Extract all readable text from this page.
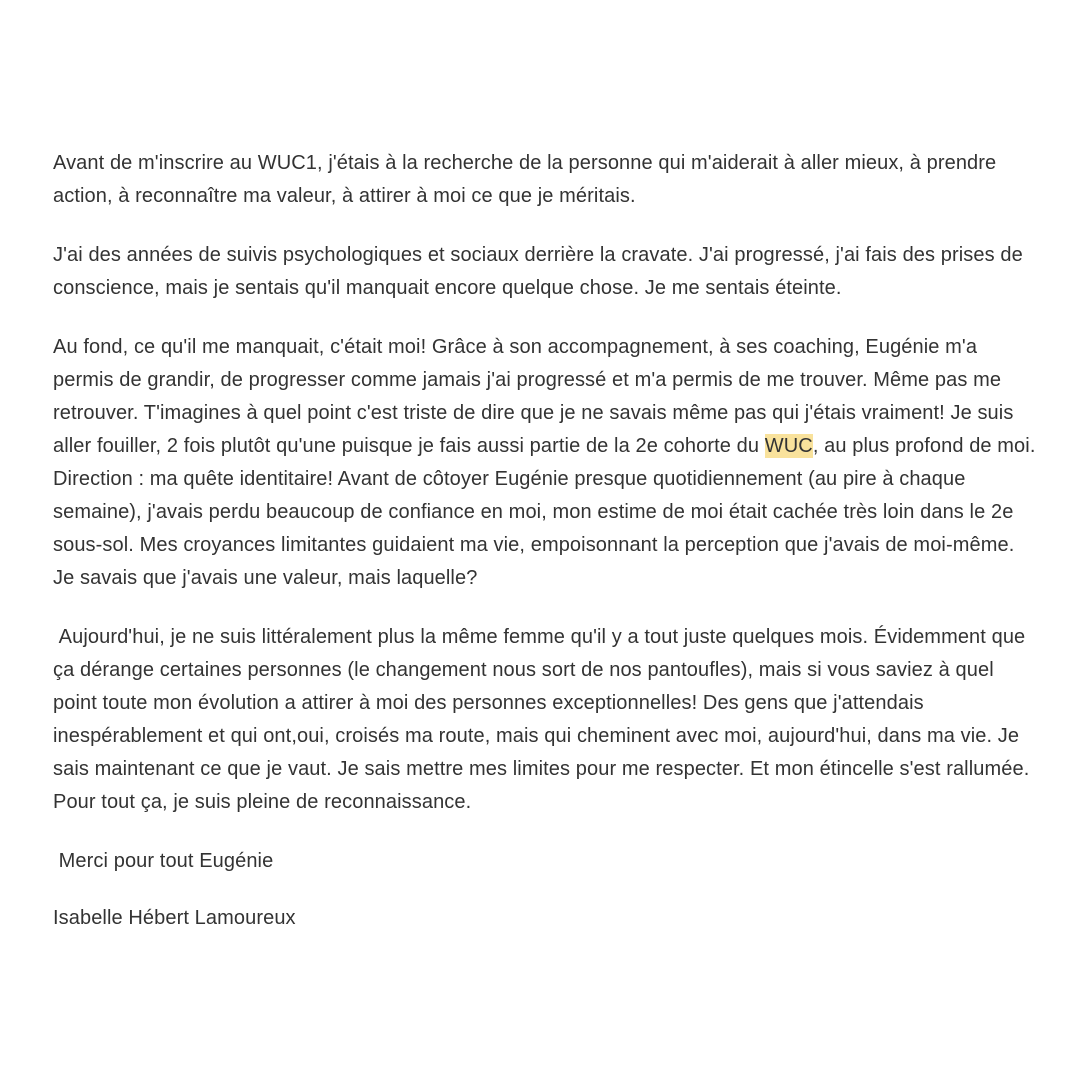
Avant de m'inscrire au WUC1, j'étais à la recherche de la personne qui m'aiderait à aller mieux, à prendre action, à reconnaître ma valeur, à attirer à moi ce que je méritais.

J'ai des années de suivis psychologiques et sociaux derrière la cravate. J'ai progressé, j'ai fais des prises de conscience, mais je sentais qu'il manquait encore quelque chose. Je me sentais éteinte.

Au fond, ce qu'il me manquait, c'était moi! Grâce à son accompagnement, à ses coaching, Eugénie m'a permis de grandir, de progresser comme jamais j'ai progressé et m'a permis de me trouver. Même pas me retrouver. T'imagines à quel point c'est triste de dire que je ne savais même pas qui j'étais vraiment! Je suis aller fouiller, 2 fois plutôt qu'une puisque je fais aussi partie de la 2e cohorte du WUC, au plus profond de moi. Direction : ma quête identitaire! Avant de côtoyer Eugénie presque quotidiennement (au pire à chaque semaine), j'avais perdu beaucoup de confiance en moi, mon estime de moi était cachée très loin dans le 2e sous-sol. Mes croyances limitantes guidaient ma vie, empoisonnant la perception que j'avais de moi-même. Je savais que j'avais une valeur, mais laquelle?

Aujourd'hui, je ne suis littéralement plus la même femme qu'il y a tout juste quelques mois. Évidemment que ça dérange certaines personnes (le changement nous sort de nos pantoufles), mais si vous saviez à quel point toute mon évolution a attirer à moi des personnes exceptionnelles! Des gens que j'attendais inespérablement et qui ont,oui, croisés ma route, mais qui cheminent avec moi, aujourd'hui, dans ma vie. Je sais maintenant ce que je vaut. Je sais mettre mes limites pour me respecter. Et mon étincelle s'est rallumée. Pour tout ça, je suis pleine de reconnaissance.

Merci pour tout Eugénie

Isabelle Hébert Lamoureux
